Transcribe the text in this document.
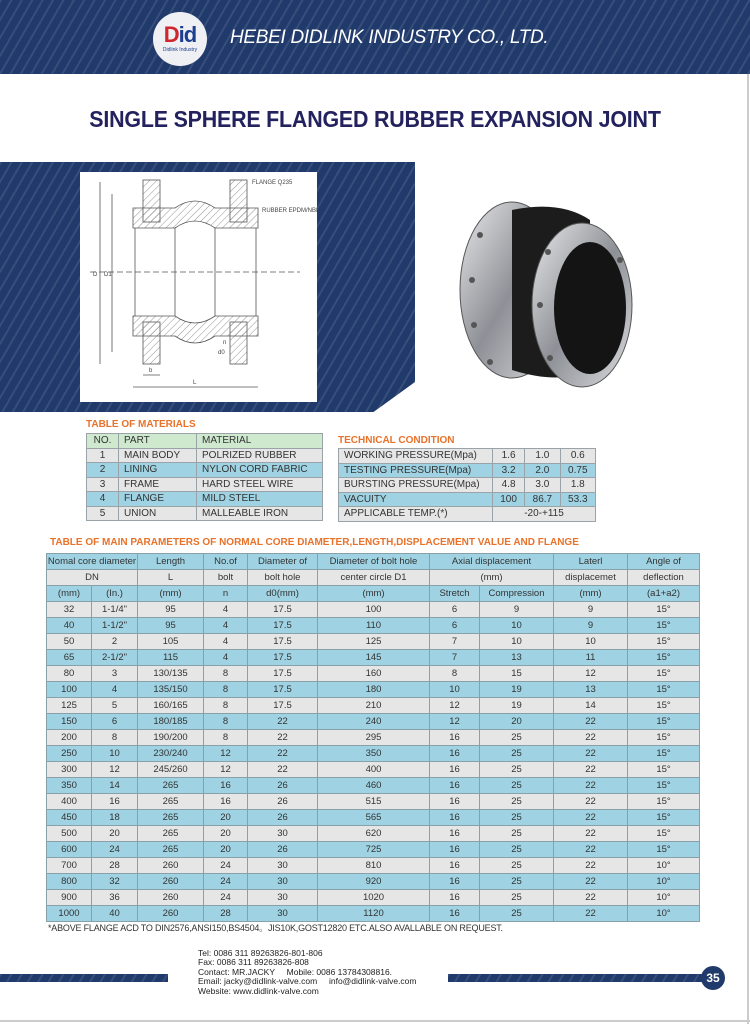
Did
Didlink Industry
HEBEI DIDLINK INDUSTRY CO., LTD.
SINGLE SPHERE FLANGED RUBBER EXPANSION JOINT
FLANGE Q235
RUBBER EPDM/NBR
D D1
b
L
n
d0
TABLE OF MATERIALS
NO.	PART	MATERIAL
1	MAIN BODY	POLRIZED RUBBER
2	LINING	NYLON CORD FABRIC
3	FRAME	HARD STEEL WIRE
4	FLANGE	MILD STEEL
5	UNION	MALLEABLE IRON
TECHNICAL CONDITION
WORKING PRESSURE(Mpa)	1.6	1.0	0.6
TESTING PRESSURE(Mpa)	3.2	2.0	0.75
BURSTING PRESSURE(Mpa)	4.8	3.0	1.8
VACUITY	100	86.7	53.3
APPLICABLE TEMP.(*)	-20-+115		
TABLE OF MAIN PARAMETERS OF NORMAL CORE DIAMETER,LENGTH,DISPLACEMENT VALUE AND FLANGE
Nomal core diameter		Length	No.of	Diameter of	Diameter of bolt hole	Axial displacement		Laterl	Angle of
DN		L	bolt	bolt hole	center circle D1	(mm)		displacemet	deflection
(mm)	(In.)	(mm)	n	d0(mm)	(mm)	Stretch	Compression	(mm)	(a1+a2)
32	1-1/4"	95	4	17.5	100	6	9	9	15°
40	1-1/2"	95	4	17.5	110	6	10	9	15°
50	2	105	4	17.5	125	7	10	10	15°
65	2-1/2"	115	4	17.5	145	7	13	11	15°
80	3	130/135	8	17.5	160	8	15	12	15°
100	4	135/150	8	17.5	180	10	19	13	15°
125	5	160/165	8	17.5	210	12	19	14	15°
150	6	180/185	8	22	240	12	20	22	15°
200	8	190/200	8	22	295	16	25	22	15°
250	10	230/240	12	22	350	16	25	22	15°
300	12	245/260	12	22	400	16	25	22	15°
350	14	265	16	26	460	16	25	22	15°
400	16	265	16	26	515	16	25	22	15°
450	18	265	20	26	565	16	25	22	15°
500	20	265	20	30	620	16	25	22	15°
600	24	265	20	26	725	16	25	22	15°
700	28	260	24	30	810	16	25	22	10°
800	32	260	24	30	920	16	25	22	10°
900	36	260	24	30	1020	16	25	22	10°
1000	40	260	28	30	1120	16	25	22	10°
*ABOVE FLANGE ACD TO DIN2576,ANSI150,BS4504。JIS10K,GOST12820 ETC.ALSO AVALLABLE ON REQUEST.
Tel: 0086 311 89263826-801-806
Fax: 0086 311 89263826-808
Contact: MR.JACKY     Mobile: 0086 13784308816.
Email: jacky@didlink-valve.com     info@didlink-valve.com
Website: www.didlink-valve.com
35
